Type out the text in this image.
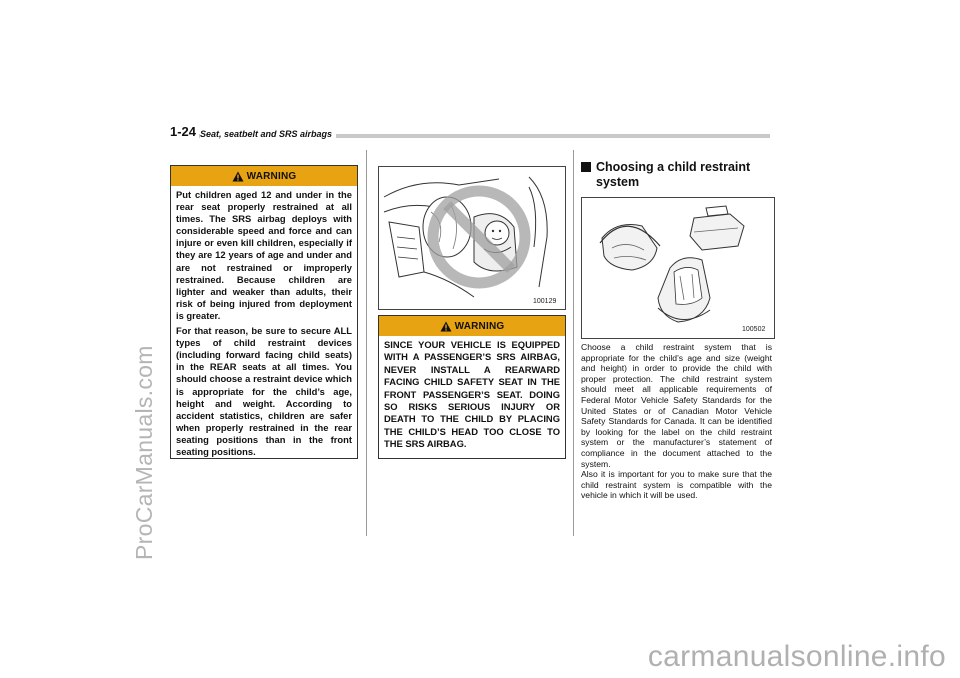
ProCarManuals.com
carmanualsonline.info
1-24 Seat, seatbelt and SRS airbags
WARNING

Put children aged 12 and under in the rear seat properly restrained at all times. The SRS airbag deploys with considerable speed and force and can injure or even kill children, especially if they are 12 years of age and under and are not restrained or improperly restrained. Because children are lighter and weaker than adults, their risk of being injured from deployment is greater.

For that reason, be sure to secure ALL types of child restraint devices (including forward facing child seats) in the REAR seats at all times. You should choose a restraint device which is appropriate for the child’s age, height and weight. According to accident statistics, children are safer when properly restrained in the rear seating positions than in the front seating positions.

100129
WARNING

SINCE YOUR VEHICLE IS EQUIPPED WITH A PASSENGER’S SRS AIRBAG, NEVER INSTALL A REARWARD FACING CHILD SAFETY SEAT IN THE FRONT PASSENGER’S SEAT. DOING SO RISKS SERIOUS INJURY OR DEATH TO THE CHILD BY PLACING THE CHILD’S HEAD TOO CLOSE TO THE SRS AIRBAG.

Choosing a child restraint
system
100502

Choose a child restraint system that is appropriate for the child’s age and size (weight and height) in order to provide the child with proper protection. The child restraint system should meet all applicable requirements of Federal Motor Vehicle Safety Standards for the United States or of Canadian Motor Vehicle Safety Standards for Canada. It can be identified by looking for the label on the child restraint system or the manufacturer’s statement of compliance in the document attached to the system.

Also it is important for you to make sure that the child restraint system is compatible with the vehicle in which it will be used.
